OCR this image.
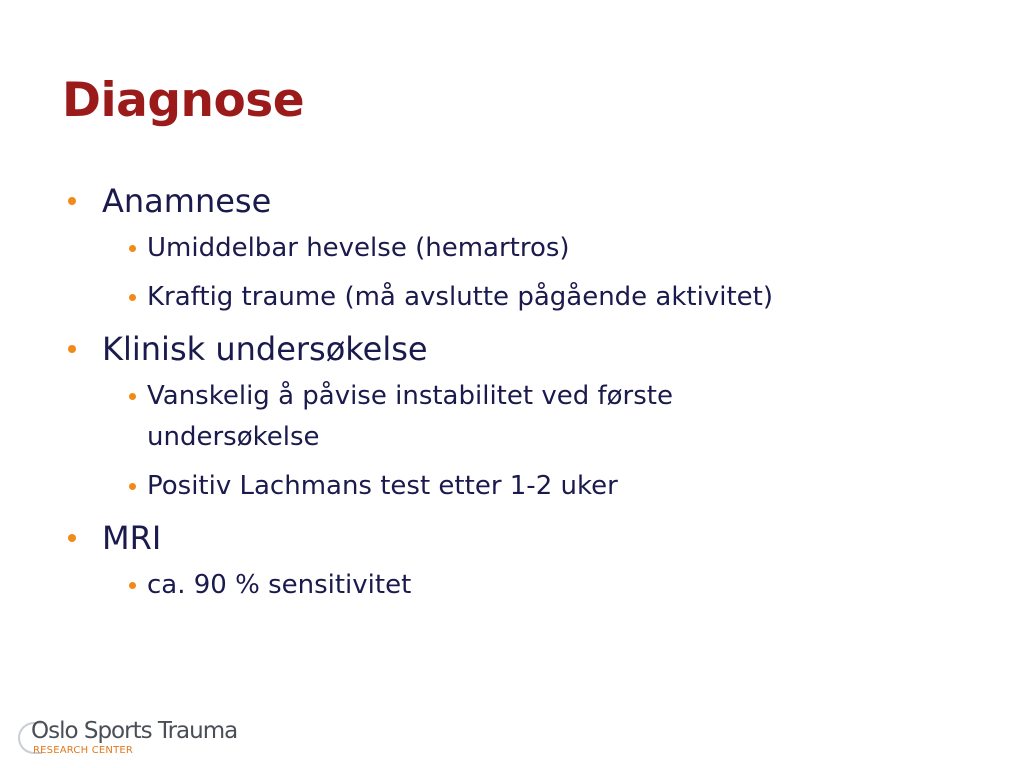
Diagnose
Anamnese
Umiddelbar hevelse (hemartros)
Kraftig traume (må avslutte pågående aktivitet)
Klinisk undersøkelse
Vanskelig å påvise instabilitet ved første undersøkelse
Positiv Lachmans test etter 1-2 uker
MRI
ca. 90 % sensitivitet
Oslo Sports Trauma
RESEARCH CENTER
